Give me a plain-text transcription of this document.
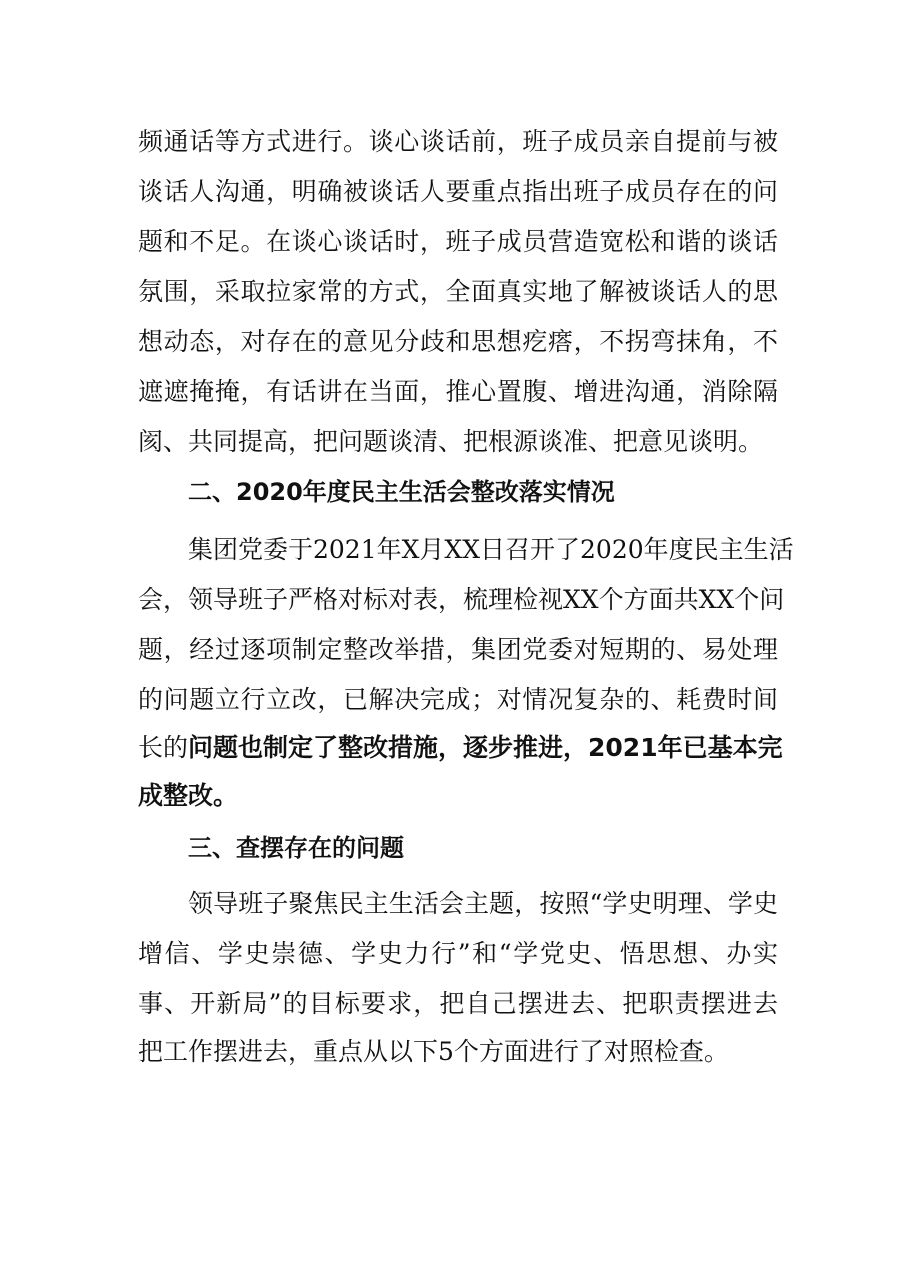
频通话等方式进行。谈心谈话前，班子成员亲自提前与被
谈话人沟通，明确被谈话人要重点指出班子成员存在的问
题和不足。在谈心谈话时，班子成员营造宽松和谐的谈话
氛围，采取拉家常的方式，全面真实地了解被谈话人的思
想动态，对存在的意见分歧和思想疙瘩，不拐弯抹角，不
遮遮掩掩，有话讲在当面，推心置腹、增进沟通，消除隔
阂、共同提高，把问题谈清、把根源谈准、把意见谈明。
二、2020年度民主生活会整改落实情况
集团党委于2021年X月XX日召开了2020年度民主生活
会，领导班子严格对标对表，梳理检视XX个方面共XX个问
题，经过逐项制定整改举措，集团党委对短期的、易处理
的问题立行立改，已解决完成；对情况复杂的、耗费时间
长的问题也制定了整改措施，逐步推进，2021年已基本完
成整改。
三、查摆存在的问题
领导班子聚焦民主生活会主题，按照“学史明理、学史
增信、学史崇德、学史力行”和“学党史、悟思想、办实
事、开新局”的目标要求，把自己摆进去、把职责摆进去
把工作摆进去，重点从以下5个方面进行了对照检查。
